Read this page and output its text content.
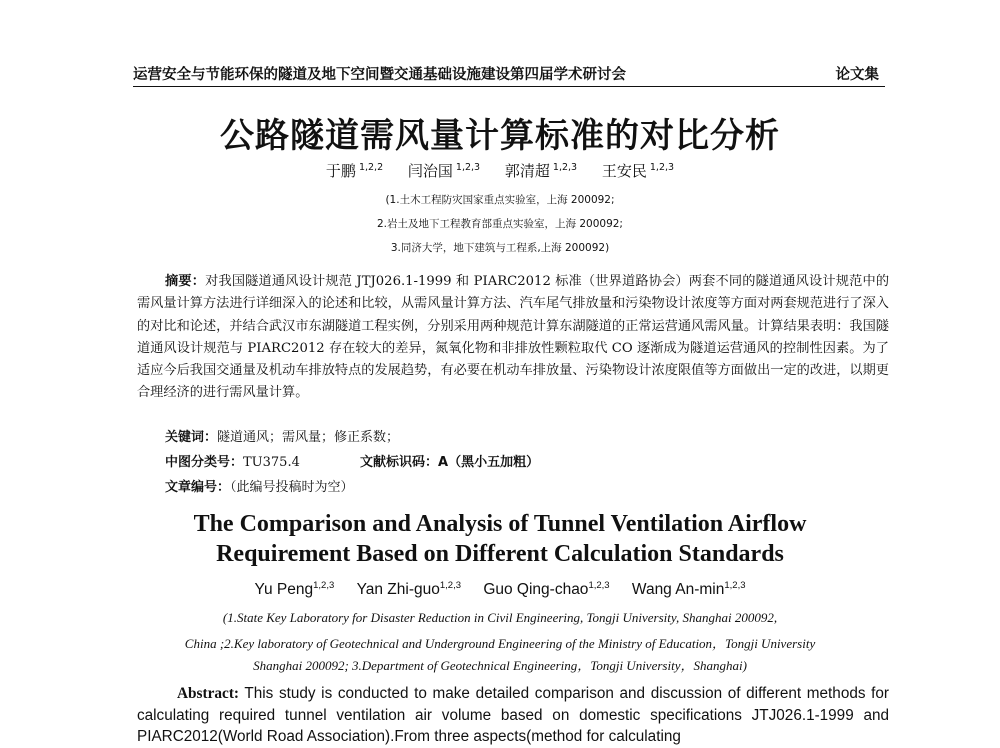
运营安全与节能环保的隧道及地下空间暨交通基础设施建设第四届学术研讨会	论文集
公路隧道需风量计算标准的对比分析
于鹏 $^{1,2,2}$ 闫治国 $^{1,2,3}$ 郭清超 $^{1,2,3}$ 王安民 $^{1,2,3}$
(1.土木工程防灾国家重点实验室，上海 200092;
2.岩土及地下工程教育部重点实验室，上海 200092;
3.同济大学，地下建筑与工程系,上海 200092)
摘要：对我国隧道通风设计规范 JTJ026.1-1999 和 PIARC2012 标准（世界道路协会）两套不同的隧道通风设计规范中的需风量计算方法进行详细深入的论述和比较，从需风量计算方法、汽车尾气排放量和污染物设计浓度等方面对两套规范进行了深入的对比和论述，并结合武汉市东湖隧道工程实例，分别采用两种规范计算东湖隧道的正常运营通风需风量。计算结果表明：我国隧道通风设计规范与 PIARC2012 存在较大的差异，氮氧化物和非排放性颗粒取代 CO 逐渐成为隧道运营通风的控制性因素。为了适应今后我国交通量及机动车排放特点的发展趋势，有必要在机动车排放量、污染物设计浓度限值等方面做出一定的改进，以期更合理经济的进行需风量计算。
关键词：隧道通风；需风量；修正系数；
中图分类号：TU375.4	文献标识码：A（黑小五加粗）
文章编号：（此编号投稿时为空）
The Comparison and Analysis of Tunnel Ventilation Airflow
Requirement Based on Different Calculation Standards
Yu Peng$^{1,2,3}$ Yan Zhi-guo$^{1,2,3}$ Guo Qing-chao$^{1,2,3}$ Wang $An-\min^{1,2,3}$
(1.State Key Laboratory for Disaster Reduction in Civil Engineering, Tongji University, Shanghai 200092,
China ;2.Key laboratory of Geotechnical and Underground Engineering of the Ministry of Education，Tongji University
Shanghai 200092; 3.Department of Geotechnical Engineering，Tongji University，Shanghai)
Abstract: This study is conducted to make detailed comparison and discussion of different methods for calculating required tunnel ventilation air volume based on domestic specifications JTJ026.1-1999 and PIARC2012(World Road Association).From three aspects(method for calculating
